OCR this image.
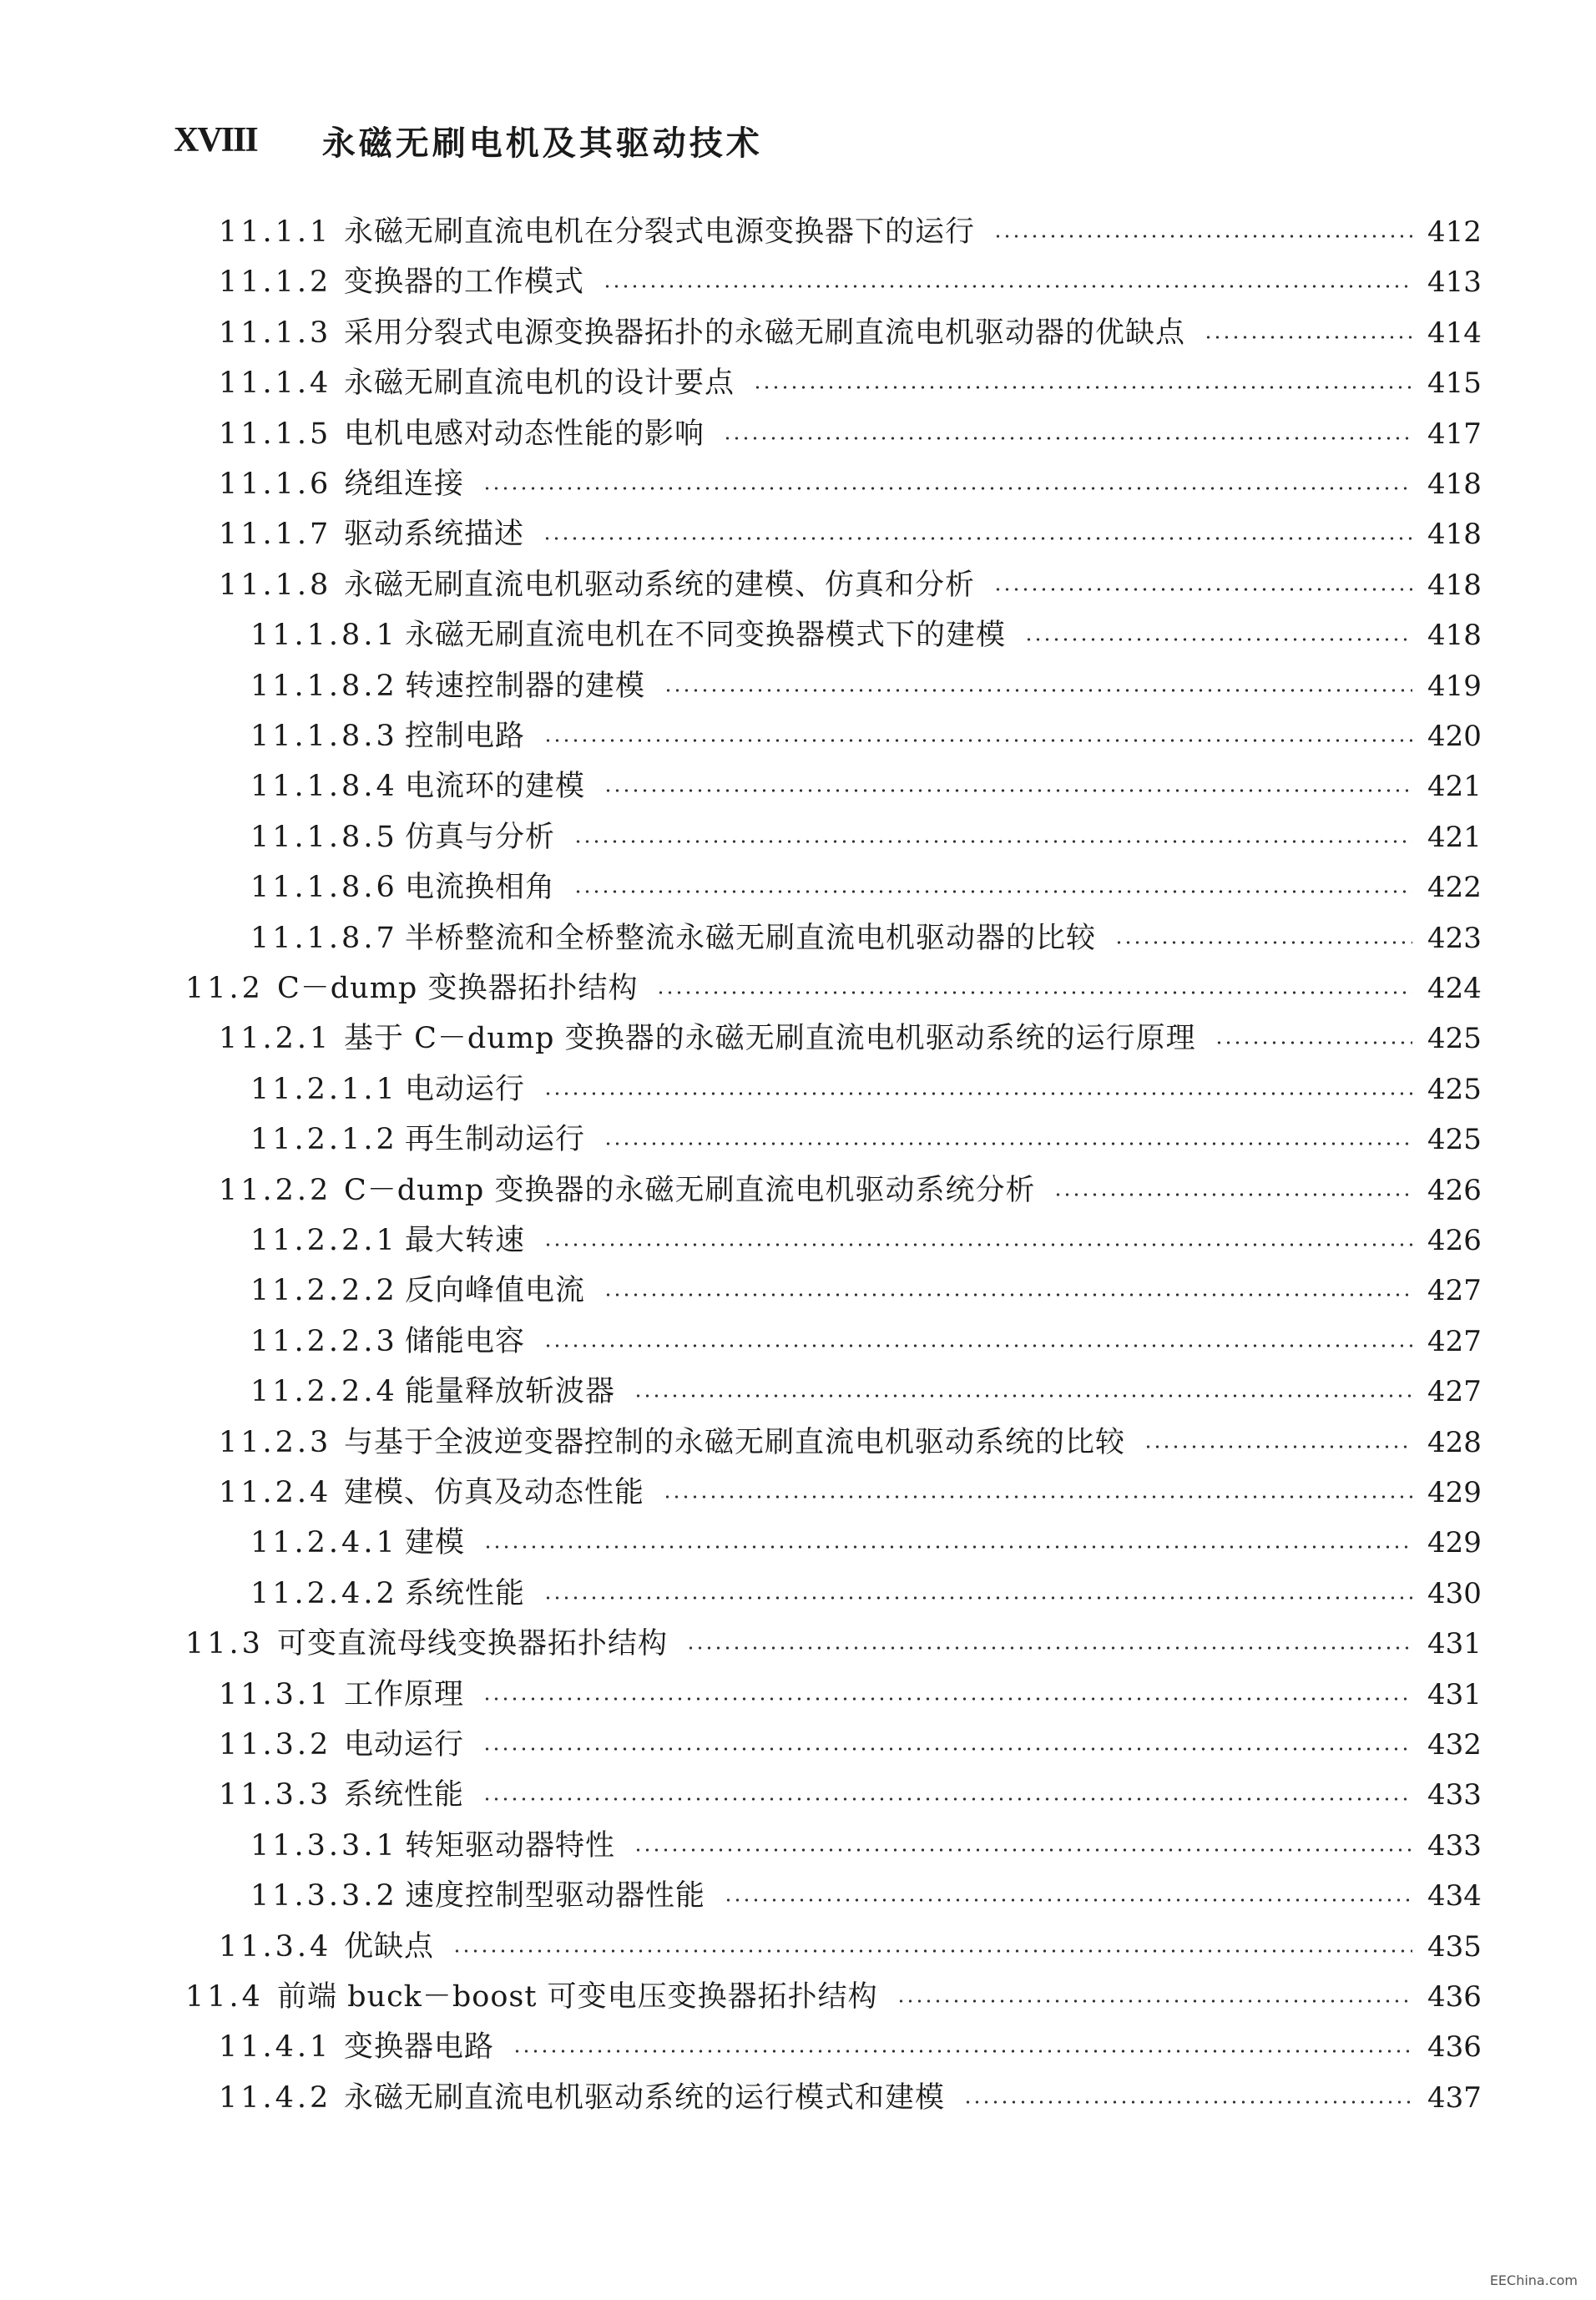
XVIII 永磁无刷电机及其驱动技术
11.1.1 永磁无刷直流电机在分裂式电源变换器下的运行	412
11.1.2 变换器的工作模式	413
11.1.3 采用分裂式电源变换器拓扑的永磁无刷直流电机驱动器的优缺点	414
11.1.4 永磁无刷直流电机的设计要点	415
11.1.5 电机电感对动态性能的影响	417
11.1.6 绕组连接	418
11.1.7 驱动系统描述	418
11.1.8 永磁无刷直流电机驱动系统的建模、仿真和分析	418
11.1.8.1 永磁无刷直流电机在不同变换器模式下的建模	418
11.1.8.2 转速控制器的建模	419
11.1.8.3 控制电路	420
11.1.8.4 电流环的建模	421
11.1.8.5 仿真与分析	421
11.1.8.6 电流换相角	422
11.1.8.7 半桥整流和全桥整流永磁无刷直流电机驱动器的比较	423
11.2 C－dump 变换器拓扑结构	424
11.2.1 基于 C－dump 变换器的永磁无刷直流电机驱动系统的运行原理	425
11.2.1.1 电动运行	425
11.2.1.2 再生制动运行	425
11.2.2 C－dump 变换器的永磁无刷直流电机驱动系统分析	426
11.2.2.1 最大转速	426
11.2.2.2 反向峰值电流	427
11.2.2.3 储能电容	427
11.2.2.4 能量释放斩波器	427
11.2.3 与基于全波逆变器控制的永磁无刷直流电机驱动系统的比较	428
11.2.4 建模、仿真及动态性能	429
11.2.4.1 建模	429
11.2.4.2 系统性能	430
11.3 可变直流母线变换器拓扑结构	431
11.3.1 工作原理	431
11.3.2 电动运行	432
11.3.3 系统性能	433
11.3.3.1 转矩驱动器特性	433
11.3.3.2 速度控制型驱动器性能	434
11.3.4 优缺点	435
11.4 前端 buck－boost 可变电压变换器拓扑结构	436
11.4.1 变换器电路	436
11.4.2 永磁无刷直流电机驱动系统的运行模式和建模	437
EEChina.com
